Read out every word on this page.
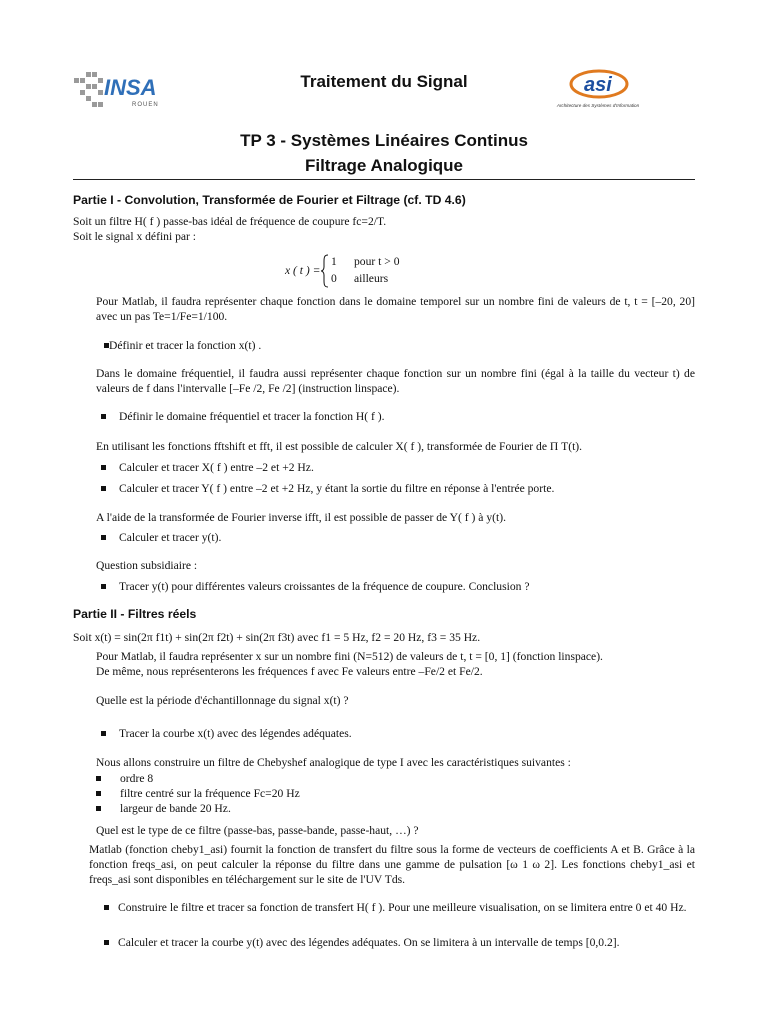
INSA
ROUEN
Traitement du Signal	asi
Architecture des Systèmes d'Information
TP 3 - Systèmes Linéaires Continus
Filtrage Analogique
Partie I - Convolution, Transformée de Fourier et Filtrage (cf. TD 4.6)
Soit un filtre H( f ) passe-bas idéal de fréquence de coupure fc=2/T.
Soit le signal x défini par :
x ( t ) =
1 pour t > 0
0 ailleurs
Pour Matlab, il faudra représenter chaque fonction dans le domaine temporel sur un nombre fini de valeurs de t, t = [–20, 20] avec un pas Te=1/Fe=1/100.
Définir et tracer la fonction x(t) .
Dans le domaine fréquentiel, il faudra aussi représenter chaque fonction sur un nombre fini (égal à la taille du vecteur t) de valeurs de f dans l'intervalle [–Fe /2, Fe /2] (instruction linspace).
Définir le domaine fréquentiel et tracer la fonction H( f ).
En utilisant les fonctions fftshift et fft, il est possible de calculer X( f ), transformée de Fourier de Π T(t).
Calculer et tracer X( f ) entre –2 et +2 Hz.
Calculer et tracer Y( f ) entre –2 et +2 Hz, y étant la sortie du filtre en réponse à l'entrée porte.
A l'aide de la transformée de Fourier inverse ifft, il est possible de passer de Y( f ) à y(t).
Calculer et tracer y(t).
Question subsidiaire :
Tracer y(t) pour différentes valeurs croissantes de la fréquence de coupure. Conclusion ?
Partie II - Filtres réels
Soit x(t) = sin(2π f1t) + sin(2π f2t) + sin(2π f3t) avec f1 = 5 Hz, f2 = 20 Hz, f3 = 35 Hz.
Pour Matlab, il faudra représenter x sur un nombre fini (N=512) de valeurs de t, t = [0, 1] (fonction linspace).
De même, nous représenterons les fréquences f avec Fe valeurs entre –Fe/2 et Fe/2.
Quelle est la période d'échantillonnage du signal x(t) ?
Tracer la courbe x(t) avec des légendes adéquates.
Nous allons construire un filtre de Chebyshef analogique de type I avec les caractéristiques suivantes :
ordre 8
filtre centré sur la fréquence Fc=20 Hz
largeur de bande 20 Hz.
Quel est le type de ce filtre (passe-bas, passe-bande, passe-haut, …) ?
Matlab (fonction cheby1_asi) fournit la fonction de transfert du filtre sous la forme de vecteurs de coefficients A et B. Grâce à la fonction freqs_asi, on peut calculer la réponse du filtre dans une gamme de pulsation [ω 1 ω 2]. Les fonctions cheby1_asi et freqs_asi sont disponibles en téléchargement sur le site de l'UV Tds.
Construire le filtre et tracer sa fonction de transfert H( f ). Pour une meilleure visualisation, on se limitera entre 0 et 40 Hz.
Calculer et tracer la courbe y(t) avec des légendes adéquates. On se limitera à un intervalle de temps [0,0.2].
